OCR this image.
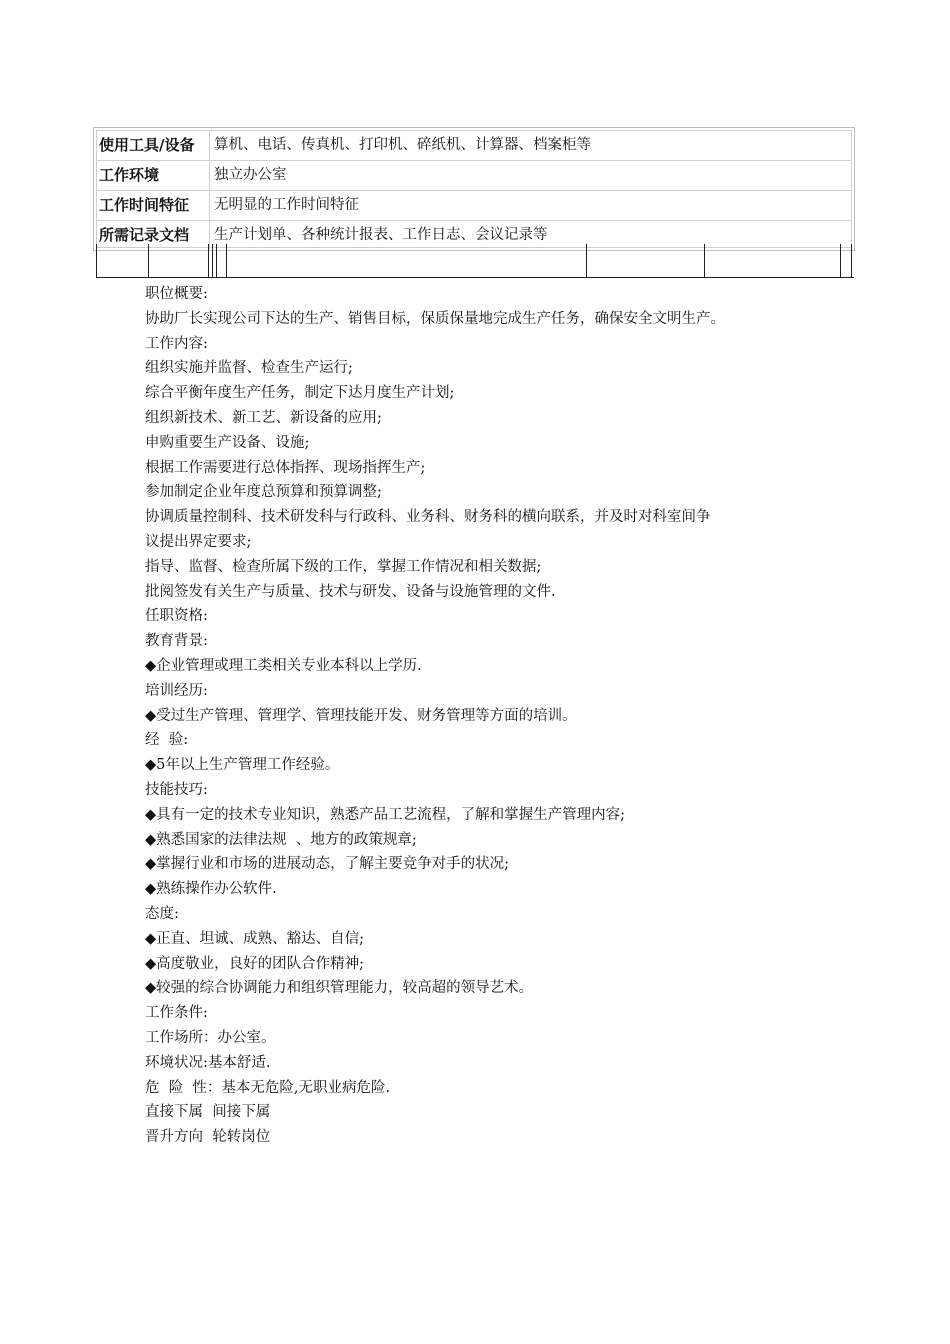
使用工具/设备	算机、电话、传真机、打印机、碎纸机、计算器、档案柜等
工作环境	独立办公室
工作时间特征	无明显的工作时间特征
所需记录文档	生产计划单、各种统计报表、工作日志、会议记录等

职位概要:

协助厂长实现公司下达的生产、销售目标，保质保量地完成生产任务，确保安全文明生产。

工作内容:

组织实施并监督、检查生产运行;

综合平衡年度生产任务，制定下达月度生产计划;

组织新技术、新工艺、新设备的应用;

申购重要生产设备、设施;

根据工作需要进行总体指挥、现场指挥生产;

参加制定企业年度总预算和预算调整;

协调质量控制科、技术研发科与行政科、业务科、财务科的横向联系，并及时对科室间争

议提出界定要求;

指导、监督、检查所属下级的工作，掌握工作情况和相关数据;

批阅签发有关生产与质量、技术与研发、设备与设施管理的文件.

任职资格:

教育背景:

◆企业管理或理工类相关专业本科以上学历.

培训经历:

◆受过生产管理、管理学、管理技能开发、财务管理等方面的培训。

经  验:

◆5年以上生产管理工作经验。

技能技巧:

◆具有一定的技术专业知识，熟悉产品工艺流程，了解和掌握生产管理内容;

◆熟悉国家的法律法规  、地方的政策规章;

◆掌握行业和市场的进展动态，了解主要竞争对手的状况;

◆熟练操作办公软件.

态度:

◆正直、坦诚、成熟、豁达、自信;

◆高度敬业，良好的团队合作精神;

◆较强的综合协调能力和组织管理能力，较高超的领导艺术。

工作条件:

工作场所：办公室。

环境状况:基本舒适.

危  险  性：基本无危险,无职业病危险.

直接下属  间接下属

晋升方向  轮转岗位
